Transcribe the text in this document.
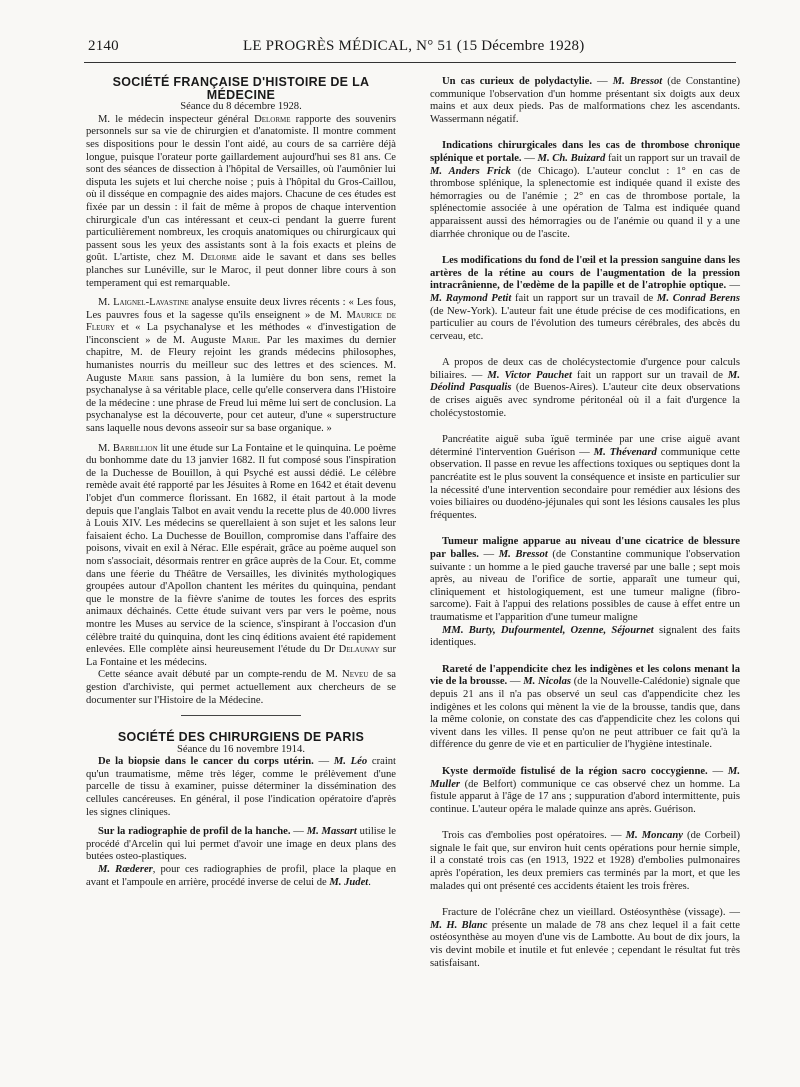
2140	LE PROGRÈS MÉDICAL, N° 51 (15 Décembre 1928)

SOCIÉTÉ FRANÇAISE D'HISTOIRE DE LA MÉDECINE

Séance du 8 décembre 1928.

M. le médecin inspecteur général Delorme rapporte des souvenirs personnels sur sa vie de chirurgien et d'anatomiste. Il montre comment ses dispositions pour le dessin l'ont aidé, au cours de sa carrière déjà longue, puisque l'orateur porte gaillardement aujourd'hui ses 81 ans. Ce sont des séances de dissection à l'hôpital de Versailles, où l'aumônier lui disputa les sujets et lui cherche noise ; puis à l'hôpital du Gros-Caillou, où il disséque en compagnie des aides majors. Chacune de ces études est fixée par un dessin : il fait de même à propos de chaque intervention chirurgicale d'un cas intéressant et ceux-ci pendant la guerre furent particulièrement nombreux, les croquis anatomiques ou chirurgicaux qui passent sous les yeux des assistants sont à la fois exacts et pleins de goût. L'artiste, chez M. Delorme aide le savant et dans ses belles planches sur Lunéville, sur le Maroc, il peut donner libre cours à son temperament qui est remarquable.

M. Laignel-Lavastine analyse ensuite deux livres récents : « Les fous, Les pauvres fous et la sagesse qu'ils enseignent » de M. Maurice de Fleury et « La psychanalyse et les méthodes « d'investigation de l'inconscient » de M. Auguste Marie. Par les maximes du dernier chapitre, M. de Fleury rejoint les grands médecins philosophes, humanistes nourris du meilleur suc des lettres et des sciences. M. Auguste Marie sans passion, à la lumière du bon sens, remet la psychanalyse à sa véritable place, celle qu'elle conservera dans l'Histoire de la médecine : une phrase de Freud lui même lui sert de conclusion. La psychanalyse est la découverte, pour cet auteur, d'une « superstructure sans laquelle nous devons asseoir sur sa base organique. »

M. Barbillion lit une étude sur La Fontaine et le quinquina. Le poème du bonhomme date du 13 janvier 1682. Il fut composé sous l'inspiration de la Duchesse de Bouillon, à qui Psyché est aussi dédié. Le célèbre remède avait été rapporté par les Jésuites à Rome en 1642 et était devenu l'objet d'un commerce florissant. En 1682, il était partout à la mode depuis que l'anglais Talbot en avait vendu la recette plus de 40.000 livres à Louis XIV. Les médecins se querellaient à son sujet et les salons leur faisaient écho. La Duchesse de Bouillon, compromise dans l'affaire des poisons, vivait en exil à Nérac. Elle espérait, grâce au poème auquel son nom s'associait, désormais rentrer en grâce auprès de la Cour. Et, comme dans une féerie du Théâtre de Versailles, les divinités mythologiques groupées autour d'Apollon chantent les mérites du quinquina, pendant que le monstre de la fièvre s'anime de toutes les forces des esprits animaux déchainés. Cette étude suivant vers par vers le poème, nous montre les Muses au service de la science, s'inspirant à l'occasion d'un célèbre traité du quinquina, dont les cinq éditions avaient été rapidement enlevées. Elle complète ainsi heureusement l'étude du Dr Delaunay sur La Fontaine et les médecins.

Cette séance avait débuté par un compte-rendu de M. Neveu de sa gestion d'archiviste, qui permet actuellement aux chercheurs de se documenter sur l'Histoire de la Médecine.

SOCIÉTÉ DES CHIRURGIENS DE PARIS

Séance du 16 novembre 1914.

De la biopsie dans le cancer du corps utérin. — M. Léo craint qu'un traumatisme, même très léger, comme le prélèvement d'une parcelle de tissu à examiner, puisse déterminer la dissémination des cellules cancéreuses. En général, il pose l'indication opératoire d'après les signes cliniques.

Sur la radiographie de profil de la hanche. — M. Massart utilise le procédé d'Arcelin qui lui permet d'avoir une image en deux plans des butées osteo-plastiques.

M. Rœderer, pour ces radiographies de profil, place la plaque en avant et l'ampoule en arrière, procédé inverse de celui de M. Judet.

Un cas curieux de polydactylie. — M. Bressot (de Constantine) communique l'observation d'un homme présentant six doigts aux deux mains et aux deux pieds. Pas de malformations chez les ascendants. Wassermann négatif.

Indications chirurgicales dans les cas de thrombose chronique splénique et portale. — M. Ch. Buizard fait un rapport sur un travail de M. Anders Frick (de Chicago). L'auteur conclut : 1° en cas de thrombose splénique, la splenectomie est indiquée quand il existe des hémorragies ou de l'anémie ; 2° en cas de thrombose portale, la splénectomie associée à une opération de Talma est indiquée quand apparaissent aussi des hémorragies ou de l'anémie ou quand il y a une diarrhée chronique ou de l'ascite.

Les modifications du fond de l'œil et la pression sanguine dans les artères de la rétine au cours de l'augmentation de la pression intracrânienne, de l'œdème de la papille et de l'atrophie optique. — M. Raymond Petit fait un rapport sur un travail de M. Conrad Berens (de New-York). L'auteur fait une étude précise de ces modifications, en particulier au cours de l'évolution des tumeurs cérébrales, des abcès du cerveau, etc.

A propos de deux cas de cholécystectomie d'urgence pour calculs biliaires. — M. Victor Pauchet fait un rapport sur un travail de M. Déolind Pasqualis (de Buenos-Aires). L'auteur cite deux observations de crises aiguës avec syndrome péritonéal où il a fait d'urgence la cholécystostomie.

Pancréatite aiguë suba ïguë terminée par une crise aiguë avant déterminé l'intervention Guérison — M. Thévenard communique cette observation. Il passe en revue les affections toxiques ou septiques dont la pancréatite est le plus souvent la conséquence et insiste en particulier sur la nécessité d'une intervention secondaire pour remédier aux lésions des voies biliaires ou duodéno-jéjunales qui sont les lésions causales les plus fréquentes.

Tumeur maligne apparue au niveau d'une cicatrice de blessure par balles. — M. Bressot (de Constantine communique l'observation suivante : un homme a le pied gauche traversé par une balle ; sept mois après, au niveau de l'orifice de sortie, apparaît une tumeur qui, cliniquement et histologiquement, est une tumeur maligne (fibro-sarcome). Fait à l'appui des relations possibles de cause à effet entre un traumatisme et l'apparition d'une tumeur maligne

MM. Burty, Dufourmentel, Ozenne, Séjournet signalent des faits identiques.

Rareté de l'appendicite chez les indigènes et les colons menant la vie de la brousse. — M. Nicolas (de la Nouvelle-Calédonie) signale que depuis 21 ans il n'a pas observé un seul cas d'appendicite chez les indigènes et les colons qui mènent la vie de la brousse, tandis que, dans la même colonie, on constate des cas d'appendicite chez les colons qui vivent dans les villes. Il pense qu'on ne peut attribuer ce fait qu'à la différence du genre de vie et en particulier de l'hygiène intestinale.

Kyste dermoïde fistulisé de la région sacro coccygienne. — M. Muller (de Belfort) communique ce cas observé chez un homme. La fistule apparut à l'âge de 17 ans ; suppuration d'abord intermittente, puis continue. L'auteur opéra le malade quinze ans après. Guérison.

Trois cas d'embolies post opératoires. — M. Moncany (de Corbeil) signale le fait que, sur environ huit cents opérations pour hernie simple, il a constaté trois cas (en 1913, 1922 et 1928) d'embolies pulmonaires après l'opération, les deux premiers cas terminés par la mort, et que les malades qui ont présenté ces accidents étaient les trois frères.

Fracture de l'olécrâne chez un vieillard. Ostéosynthèse (vissage). — M. H. Blanc présente un malade de 78 ans chez lequel il a fait cette ostéosynthèse au moyen d'une vis de Lambotte. Au bout de dix jours, la vis devint mobile et inutile et fut enlevée ; cependant le résultat fut très satisfaisant.
